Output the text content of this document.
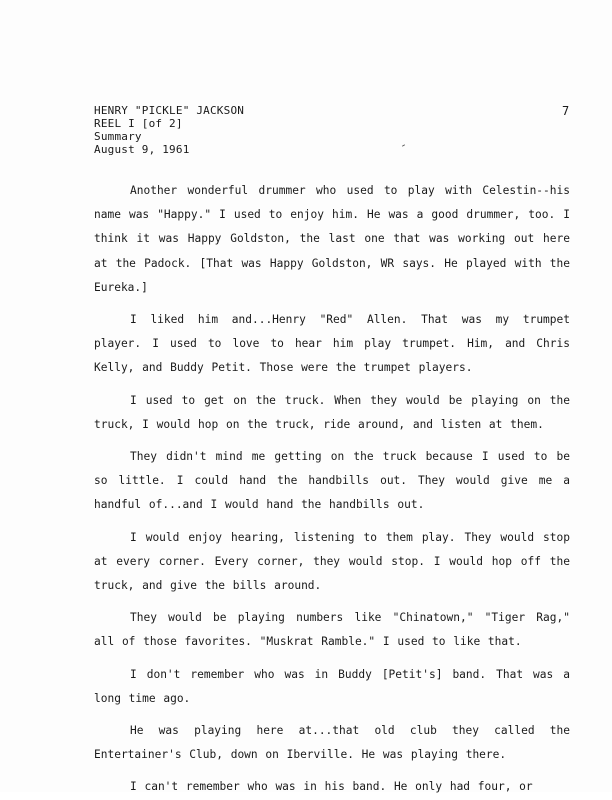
HENRY "PICKLE" JACKSON
REEL I [of 2]
Summary
August 9, 1961
7

Another wonderful drummer who used to play with Celestin--his name was "Happy." I used to enjoy him. He was a good drummer, too. I think it was Happy Goldston, the last one that was working out here at the Padock. [That was Happy Goldston, WR says. He played with the Eureka.]

I liked him and...Henry "Red" Allen. That was my trumpet player. I used to love to hear him play trumpet. Him, and Chris Kelly, and Buddy Petit. Those were the trumpet players.

I used to get on the truck. When they would be playing on the truck, I would hop on the truck, ride around, and listen at them.

They didn't mind me getting on the truck because I used to be so little. I could hand the handbills out. They would give me a handful of...and I would hand the handbills out.

I would enjoy hearing, listening to them play. They would stop at every corner. Every corner, they would stop. I would hop off the truck, and give the bills around.

They would be playing numbers like "Chinatown," "Tiger Rag," all of those favorites. "Muskrat Ramble." I used to like that.

I don't remember who was in Buddy [Petit's] band. That was a long time ago.

He was playing here at...that old club they called the Entertainer's Club, down on Iberville. He was playing there.

I can't remember who was in his band. He only had four, or
